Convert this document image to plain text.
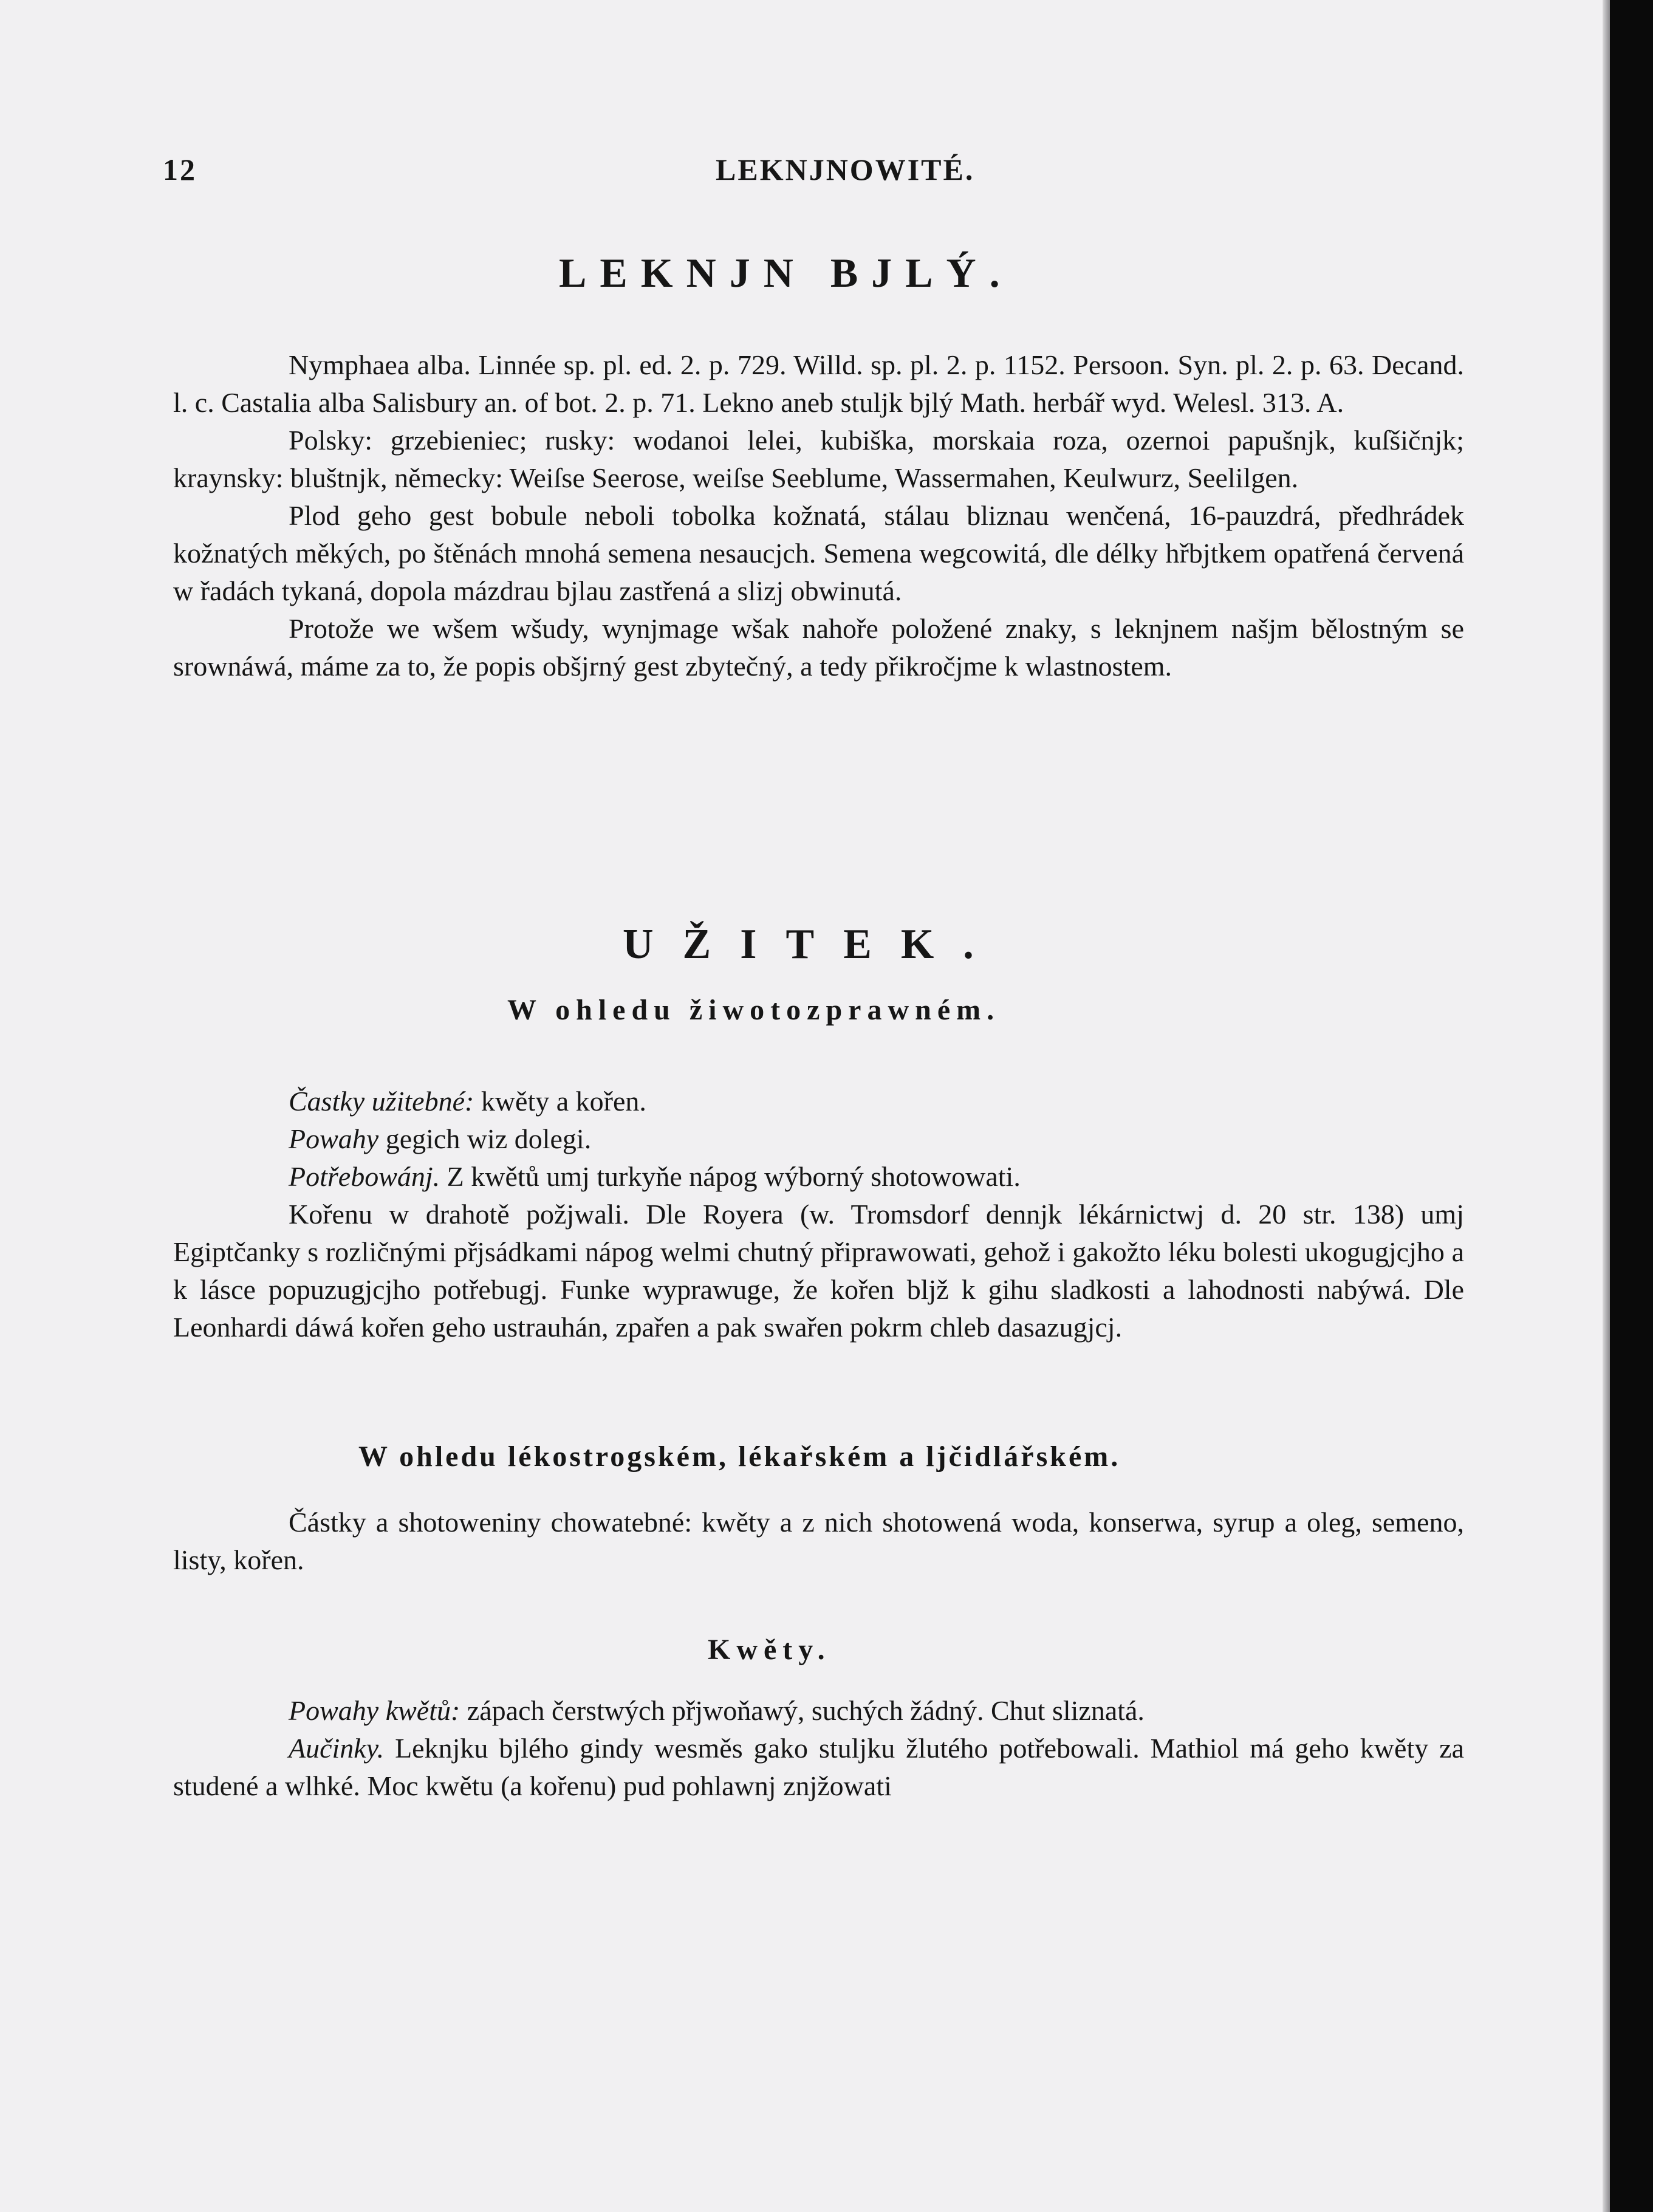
12	LEKNJNOWITÉ.
LEKNJN BJLÝ.

Nymphaea alba. Linnée sp. pl. ed. 2. p. 729. Willd. sp. pl. 2. p. 1152. Persoon. Syn. pl. 2. p. 63. Decand. l. c. Castalia alba Salisbury an. of bot. 2. p. 71. Lekno aneb stuljk bjlý Math. herbář wyd. Welesl. 313. A.

Polsky: grzebieniec; rusky: wodanoi lelei, kubiška, morskaia roza, ozernoi papušnjk, kuſšičnjk; kraynsky: bluštnjk, německy: Weiſse Seerose, weiſse Seeblume, Wassermahen, Keulwurz, Seelilgen.

Plod geho gest bobule neboli tobolka kožnatá, stálau bliznau wenčená, 16-pauzdrá, předhrádek kožnatých měkých, po štěnách mnohá semena nesaucjch. Semena wegcowitá, dle délky hřbjtkem opatřená červená w řadách tykaná, dopola mázdrau bjlau zastřená a slizj obwinutá.

Protože we wšem wšudy, wynjmage wšak nahoře položené znaky, s leknjnem našjm bělostným se srownáwá, máme za to, že popis obšjrný gest zbytečný, a tedy přikročjme k wlastnostem.

UŽITEK.
W ohledu žiwotozprawném.

Častky užitebné: kwěty a kořen.

Powahy gegich wiz dolegi.

Potřebowánj. Z kwětů umj turkyňe nápog wýborný shotowowati.

Kořenu w drahotě požjwali. Dle Royera (w. Tromsdorf dennjk lékárnictwj d. 20 str. 138) umj Egiptčanky s rozličnými přjsádkami nápog welmi chutný připrawowati, gehož i gakožto léku bolesti ukogugjcjho a k lásce popuzugjcjho potřebugj. Funke wyprawuge, že kořen bljž k gihu sladkosti a lahodnosti nabýwá. Dle Leonhardi dáwá kořen geho ustrauhán, zpařen a pak swařen pokrm chleb dasazugjcj.

W ohledu lékostrogském, lékařském a ljčidlářském.

Částky a shotoweniny chowatebné: kwěty a z nich shotowená woda, konserwa, syrup a oleg, semeno, listy, kořen.

Kwěty.

Powahy kwětů: zápach čerstwých přjwoňawý, suchých žádný. Chut sliznatá.

Aučinky. Leknjku bjlého gindy wesměs gako stuljku žlutého potřebowali. Mathiol má geho kwěty za studené a wlhké. Moc kwětu (a kořenu) pud pohlawnj znjžowati
